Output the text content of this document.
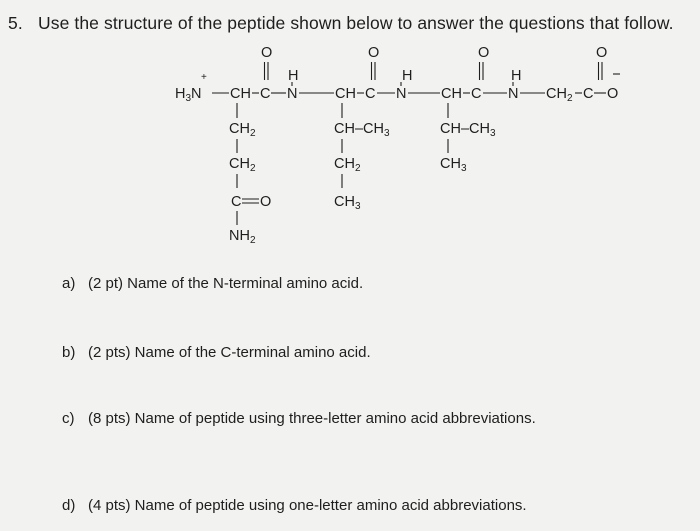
5. Use the structure of the peptide shown below to answer the questions that follow.
$H_3N$
+
CH C
O
N
H
$CH_2$
$CH_2$
C O
$NH_2$
CH C
O
N
H
$CH-CH_3$
$CH_2$
$CH_3$
CH C
O
N
H
$CH-CH_3$
$CH_3$
$CH_2$ C
O
O
a) (2 pt) Name of the N-terminal amino acid.
b) (2 pts) Name of the C-terminal amino acid.
c) (8 pts) Name of peptide using three-letter amino acid abbreviations.
d) (4 pts) Name of peptide using one-letter amino acid abbreviations.
